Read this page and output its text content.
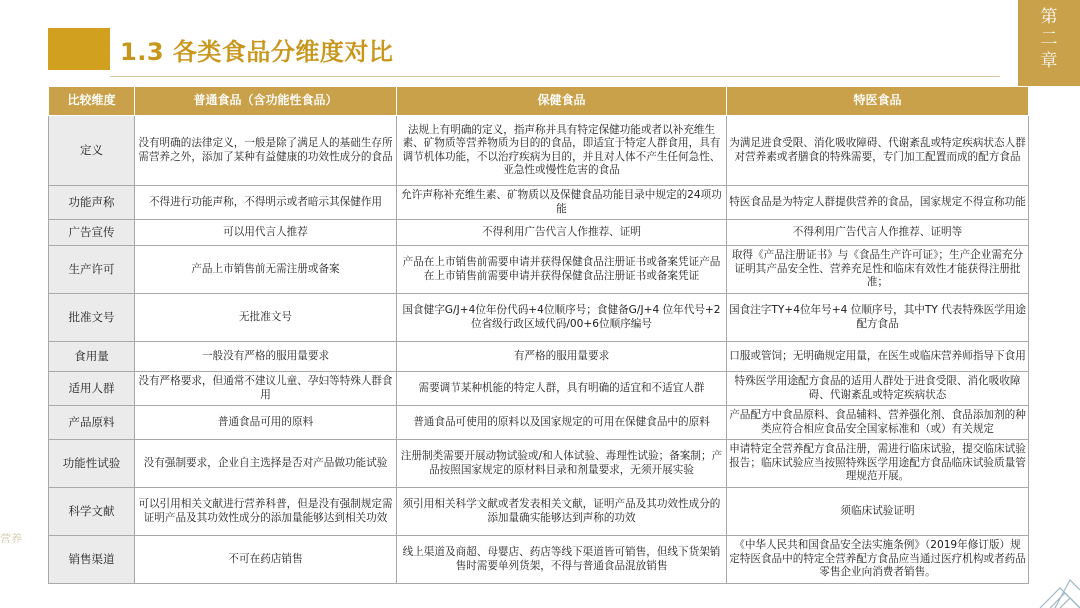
1.3 各类食品分维度对比
第
二
章
营养
比较维度	普通食品（含功能性食品）	保健食品	特医食品
定义	没有明确的法律定义，一般是除了满足人的基础生存所需营养之外，添加了某种有益健康的功效性成分的食品	法规上有明确的定义，指声称并具有特定保健功能或者以补充维生素、矿物质等营养物质为目的的食品，即适宜于特定人群食用，具有调节机体功能，不以治疗疾病为目的，并且对人体不产生任何急性、亚急性或慢性危害的食品	为满足进食受限、消化吸收障碍、代谢紊乱或特定疾病状态人群对营养素或者膳食的特殊需要，专门加工配置而成的配方食品
功能声称	不得进行功能声称，不得明示或者暗示其保健作用	允许声称补充维生素、矿物质以及保健食品功能目录中规定的24项功能	特医食品是为特定人群提供营养的食品，国家规定不得宣称功能
广告宣传	可以用代言人推荐	不得利用广告代言人作推荐、证明	不得利用广告代言人作推荐、证明等
生产许可	产品上市销售前无需注册或备案	产品在上市销售前需要申请并获得保健食品注册证书或备案凭证产品在上市销售前需要申请并获得保健食品注册证书或备案凭证	取得《产品注册证书》与《食品生产许可证》；生产企业需充分证明其产品安全性、营养充足性和临床有效性才能获得注册批准；
批准文号	无批准文号	国食健字G/J+4位年份代码+4位顺序号；食健备G/J+4 位年代号+2位省级行政区域代码/00+6位顺序编号	国食注字TY+4位年号+4 位顺序号，其中TY 代表特殊医学用途配方食品
食用量	一般没有严格的服用量要求	有严格的服用量要求	口服或管饲；无明确规定用量，在医生或临床营养师指导下食用
适用人群	没有严格要求，但通常不建议儿童、孕妇等特殊人群食用	需要调节某种机能的特定人群，具有明确的适宜和不适宜人群	特殊医学用途配方食品的适用人群处于进食受限、消化吸收障碍、代谢紊乱或特定疾病状态
产品原料	普通食品可用的原料	普通食品可使用的原料以及国家规定的可用在保健食品中的原料	产品配方中食品原料、食品辅料、营养强化剂、食品添加剂的种类应符合相应食品安全国家标准和（或）有关规定
功能性试验	没有强制要求，企业自主选择是否对产品做功能试验	注册制类需要开展动物试验或/和人体试验、毒理性试验；备案制；产品按照国家规定的原材料目录和剂量要求，无须开展实验	申请特定全营养配方食品注册，需进行临床试验，提交临床试验报告；临床试验应当按照特殊医学用途配方食品临床试验质量管理规范开展。
科学文献	可以引用相关文献进行营养科普，但是没有强制规定需证明产品及其功效性成分的添加量能够达到相关功效	须引用相关科学文献或者发表相关文献，证明产品及其功效性成分的添加量确实能够达到声称的功效	须临床试验证明
销售渠道	不可在药店销售	线上渠道及商超、母婴店、药店等线下渠道皆可销售，但线下货架销售时需要单列货架，不得与普通食品混放销售	《中华人民共和国食品安全法实施条例》（2019年修订版）规定特医食品中的特定全营养配方食品应当通过医疗机构或者药品零售企业向消费者销售。
